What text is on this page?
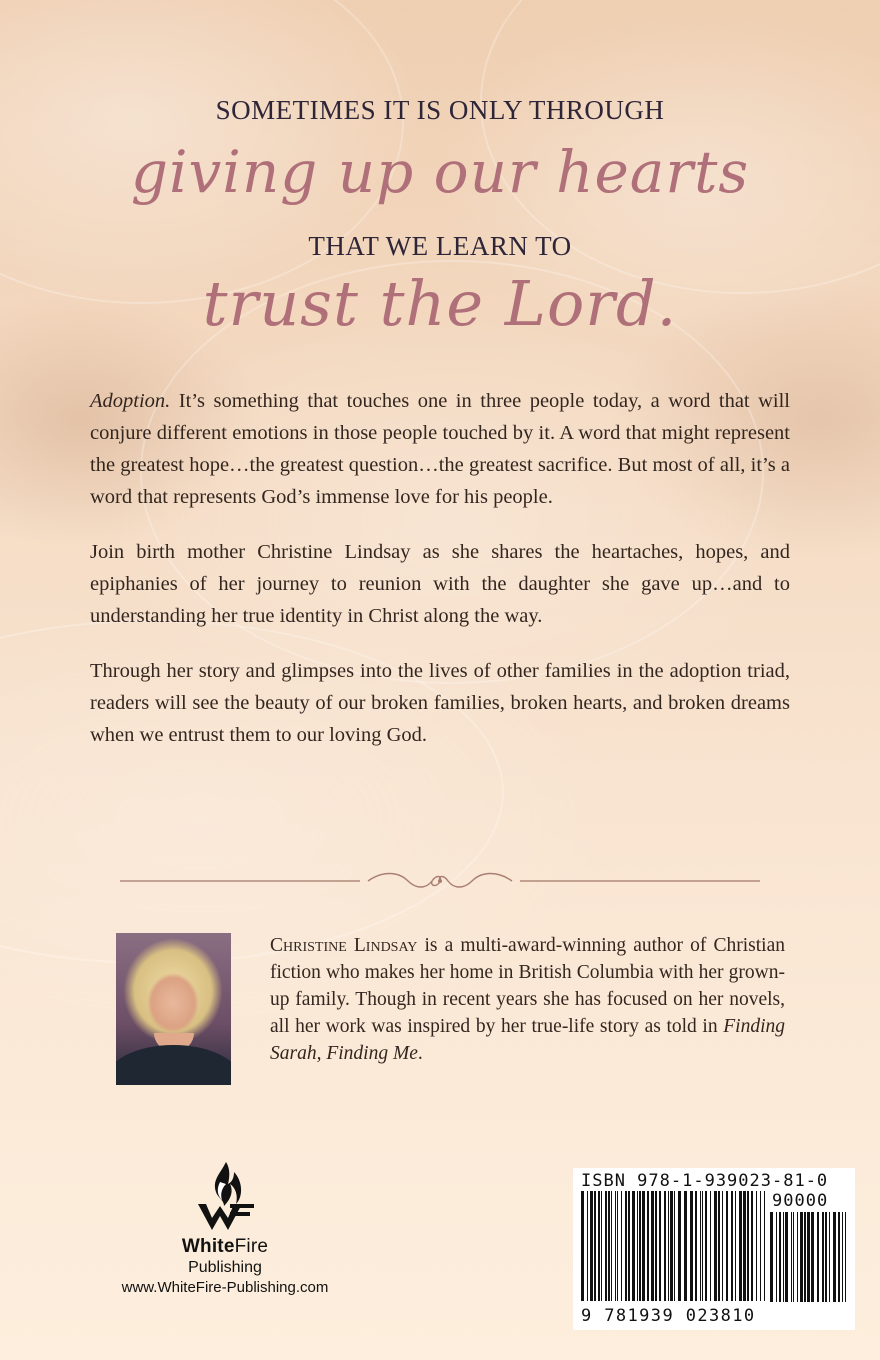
SOMETIMES IT IS ONLY THROUGH
giving up our hearts
THAT WE LEARN TO
trust the Lord.

Adoption. It’s something that touches one in three people today, a word that will conjure different emotions in those people touched by it. A word that might represent the greatest hope…the greatest question…the greatest sacrifice. But most of all, it’s a word that represents God’s immense love for his people.

Join birth mother Christine Lindsay as she shares the heartaches, hopes, and epiphanies of her journey to reunion with the daughter she gave up…and to understanding her true identity in Christ along the way.

Through her story and glimpses into the lives of other families in the adoption triad, readers will see the beauty of our broken families, broken hearts, and broken dreams when we entrust them to our loving God.

Christine Lindsay is a multi-award-winning author of Christian fiction who makes her home in British Columbia with her grown-up family. Though in recent years she has focused on her novels, all her work was inspired by her true-life story as told in Finding Sarah, Finding Me.
WhiteFire
Publishing
www.WhiteFire-Publishing.com
ISBN 978-1-939023-81-0
90000
9 781939 023810
